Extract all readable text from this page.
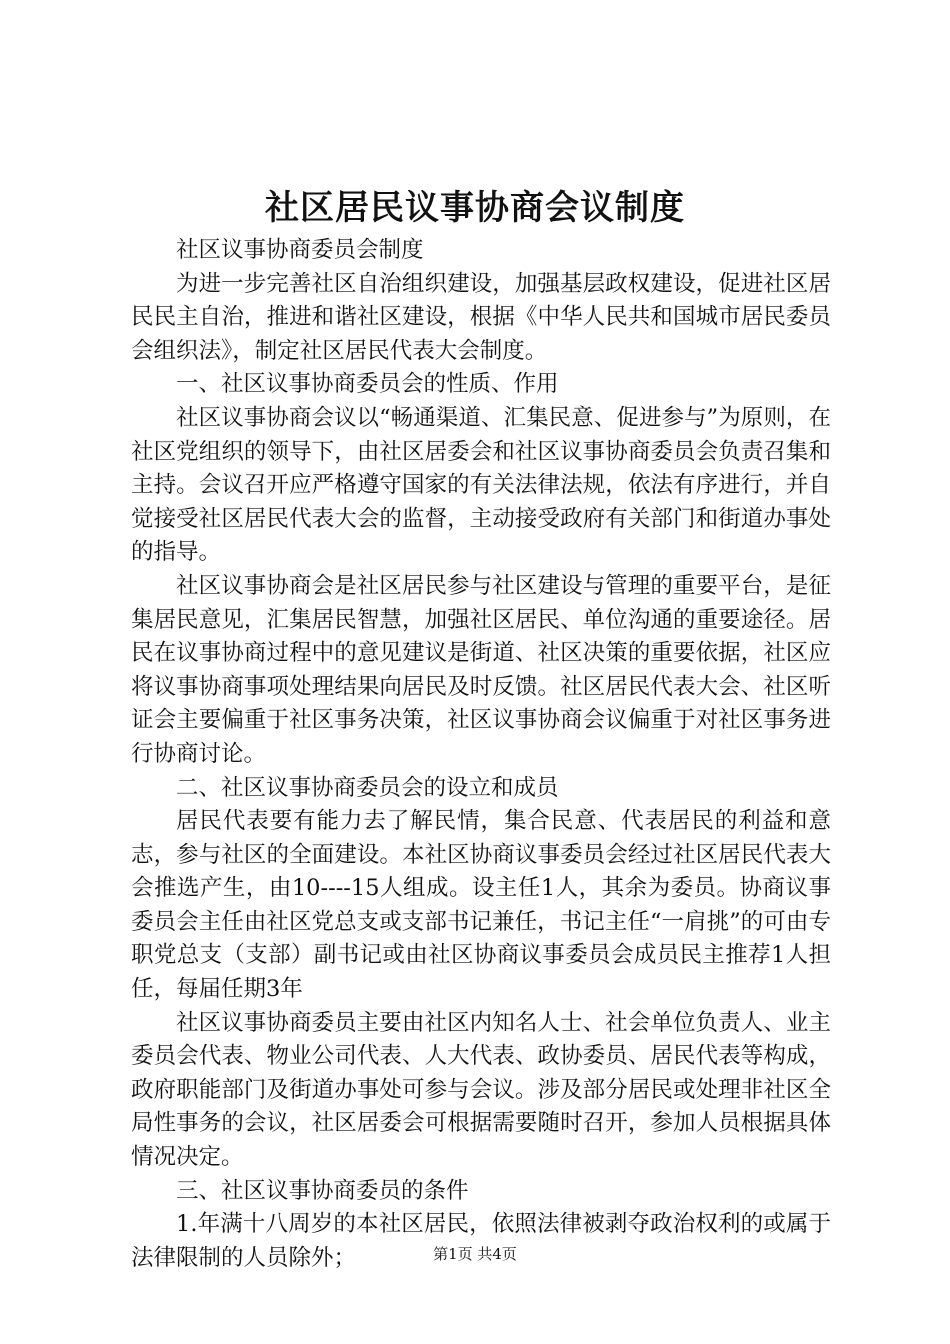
社区居民议事协商会议制度

社区议事协商委员会制度

为进一步完善社区自治组织建设，加强基层政权建设，促进社区居民民主自治，推进和谐社区建设，根据《中华人民共和国城市居民委员会组织法》，制定社区居民代表大会制度。

一、社区议事协商委员会的性质、作用

社区议事协商会议以“畅通渠道、汇集民意、促进参与”为原则，在社区党组织的领导下，由社区居委会和社区议事协商委员会负责召集和主持。会议召开应严格遵守国家的有关法律法规，依法有序进行，并自觉接受社区居民代表大会的监督，主动接受政府有关部门和街道办事处的指导。

社区议事协商会是社区居民参与社区建设与管理的重要平台，是征集居民意见，汇集居民智慧，加强社区居民、单位沟通的重要途径。居民在议事协商过程中的意见建议是街道、社区决策的重要依据，社区应将议事协商事项处理结果向居民及时反馈。社区居民代表大会、社区听证会主要偏重于社区事务决策，社区议事协商会议偏重于对社区事务进行协商讨论。

二、社区议事协商委员会的设立和成员

居民代表要有能力去了解民情，集合民意、代表居民的利益和意志，参与社区的全面建设。本社区协商议事委员会经过社区居民代表大会推选产生，由10----15人组成。设主任1人，其余为委员。协商议事委员会主任由社区党总支或支部书记兼任，书记主任“一肩挑”的可由专职党总支（支部）副书记或由社区协商议事委员会成员民主推荐1人担任，每届任期3年

社区议事协商委员主要由社区内知名人士、社会单位负责人、业主委员会代表、物业公司代表、人大代表、政协委员、居民代表等构成，政府职能部门及街道办事处可参与会议。涉及部分居民或处理非社区全局性事务的会议，社区居委会可根据需要随时召开，参加人员根据具体情况决定。

三、社区议事协商委员的条件

1.年满十八周岁的本社区居民，依照法律被剥夺政治权利的或属于法律限制的人员除外；	第1页 共4页
